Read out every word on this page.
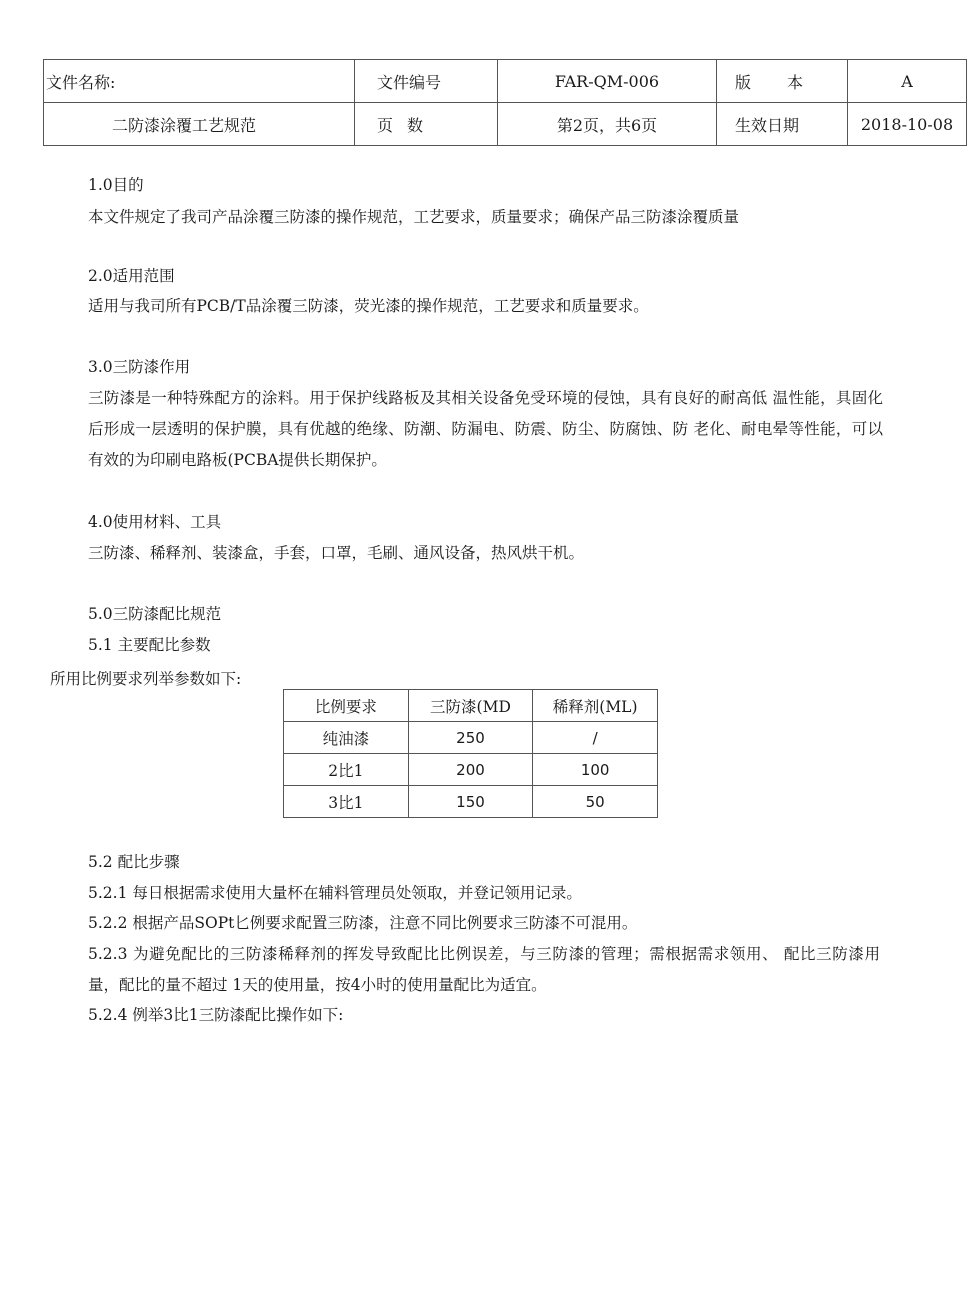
文件名称:	文件编号	FAR-QM-006	版 本	A
二防漆涂覆工艺规范	页 数	第2页，共6页	生效日期	2018-10-08
1.0目的
本文件规定了我司产品涂覆三防漆的操作规范，工艺要求，质量要求；确保产品三防漆涂覆质量
2.0适用范围
适用与我司所有PCB/T品涂覆三防漆，荧光漆的操作规范，工艺要求和质量要求。
3.0三防漆作用
三防漆是一种特殊配方的涂料。用于保护线路板及其相关设备免受环境的侵蚀，具有良好的耐高低 温性能，具固化后形成一层透明的保护膜，具有优越的绝缘、防潮、防漏电、防震、防尘、防腐蚀、防 老化、耐电晕等性能，可以有效的为印刷电路板(PCBA提供长期保护。
4.0使用材料、工具
三防漆、稀释剂、装漆盒，手套，口罩，毛刷、通风设备，热风烘干机。
5.0三防漆配比规范
5.1 主要配比参数
所用比例要求列举参数如下:
比例要求	三防漆(MD	稀释剂(ML)
纯油漆	250	/
2比1	200	100
3比1	150	50
5.2 配比步骤
5.2.1 每日根据需求使用大量杯在辅料管理员处领取，并登记领用记录。
5.2.2 根据产品SOPt匕例要求配置三防漆，注意不同比例要求三防漆不可混用。
5.2.3 为避免配比的三防漆稀释剂的挥发导致配比比例误差，与三防漆的管理；需根据需求领用、 配比三防漆用量，配比的量不超过 1天的使用量，按4小时的使用量配比为适宜。
5.2.4 例举3比1三防漆配比操作如下:
